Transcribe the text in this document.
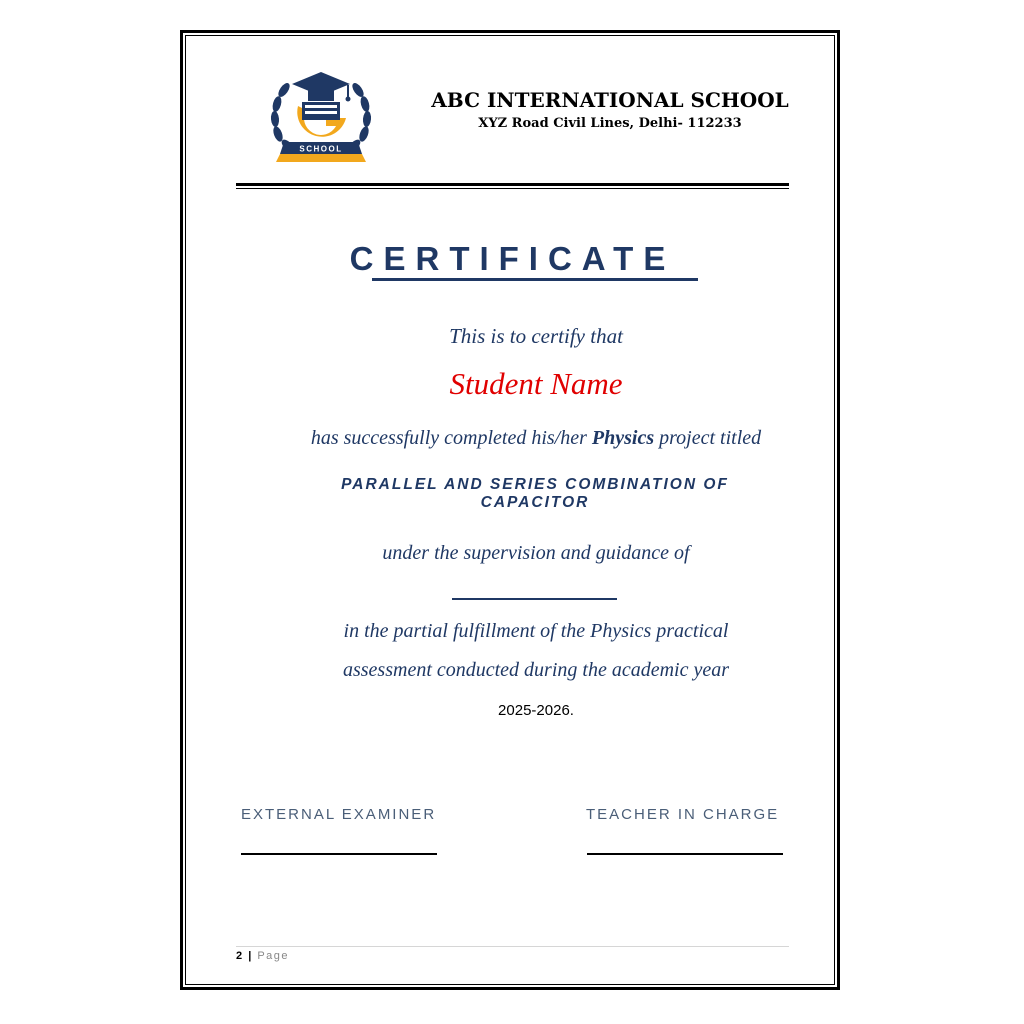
SCHOOL

ABC INTERNATIONAL SCHOOL

XYZ Road Civil Lines, Delhi- 112233

CERTIFICATE

This is to certify that

Student Name

has successfully completed his/her Physics project titled

PARALLEL AND SERIES COMBINATION OF CAPACITOR

under the supervision and guidance of

in the partial fulfillment of the Physics practical

assessment conducted during the academic year

2025-2026.

EXTERNAL EXAMINER	TEACHER IN CHARGE

2 | Page
